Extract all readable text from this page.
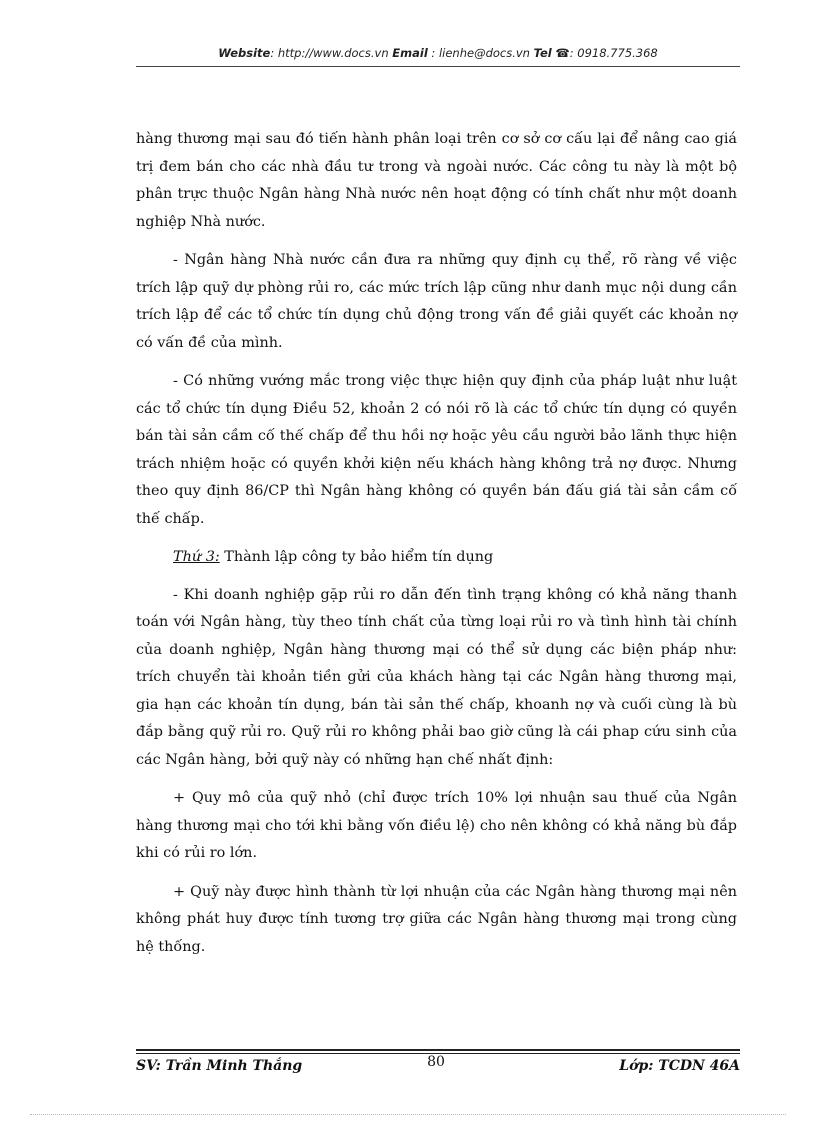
Website: http://www.docs.vn Email : lienhe@docs.vn Tel ☎: 0918.775.368

hàng thương mại sau đó tiến hành phân loại trên cơ sở cơ cấu lại để nâng cao giá trị đem bán cho các nhà đầu tư trong và ngoài nước. Các công tu này là một bộ phân trực thuộc Ngân hàng Nhà nước nên hoạt động có tính chất như một doanh nghiệp Nhà nước.

- Ngân hàng Nhà nước cần đưa ra những quy định cụ thể, rõ ràng về việc trích lập quỹ dự phòng rủi ro, các mức trích lập cũng như danh mục nội dung cần trích lập để các tổ chức tín dụng chủ động trong vấn đề giải quyết các khoản nợ có vấn đề của mình.

- Có những vướng mắc trong việc thực hiện quy định của pháp luật như luật các tổ chức tín dụng Điều 52, khoản 2 có nói rõ là các tổ chức tín dụng có quyền bán tài sản cầm cố thế chấp để thu hồi nợ hoặc yêu cầu người bảo lãnh thực hiện trách nhiệm hoặc có quyền khởi kiện nếu khách hàng không trả nợ được. Nhưng theo quy định 86/CP thì Ngân hàng không có quyền bán đấu giá tài sản cầm cố thế chấp.

Thứ 3: Thành lập công ty bảo hiểm tín dụng

- Khi doanh nghiệp gặp rủi ro dẫn đến tình trạng không có khả năng thanh toán với Ngân hàng, tùy theo tính chất của từng loại rủi ro và tình hình tài chính của doanh nghiệp, Ngân hàng thương mại có thể sử dụng các biện pháp như: trích chuyển tài khoản tiền gửi của khách hàng tại các Ngân hàng thương mại, gia hạn các khoản tín dụng, bán tài sản thế chấp, khoanh nợ và cuối cùng là bù đắp bằng quỹ rủi ro. Quỹ rủi ro không phải bao giờ cũng là cái phap cứu sinh của các Ngân hàng, bởi quỹ này có những hạn chế nhất định:

+ Quy mô của quỹ nhỏ (chỉ được trích 10% lợi nhuận sau thuế của Ngân hàng thương mại cho tới khi bằng vốn điều lệ) cho nên không có khả năng bù đắp khi có rủi ro lớn.

+ Quỹ này được hình thành từ lợi nhuận của các Ngân hàng thương mại nên không phát huy được tính tương trợ giữa các Ngân hàng thương mại trong cùng hệ thống.

SV: Trần Minh Thắng	80	Lớp: TCDN 46A
